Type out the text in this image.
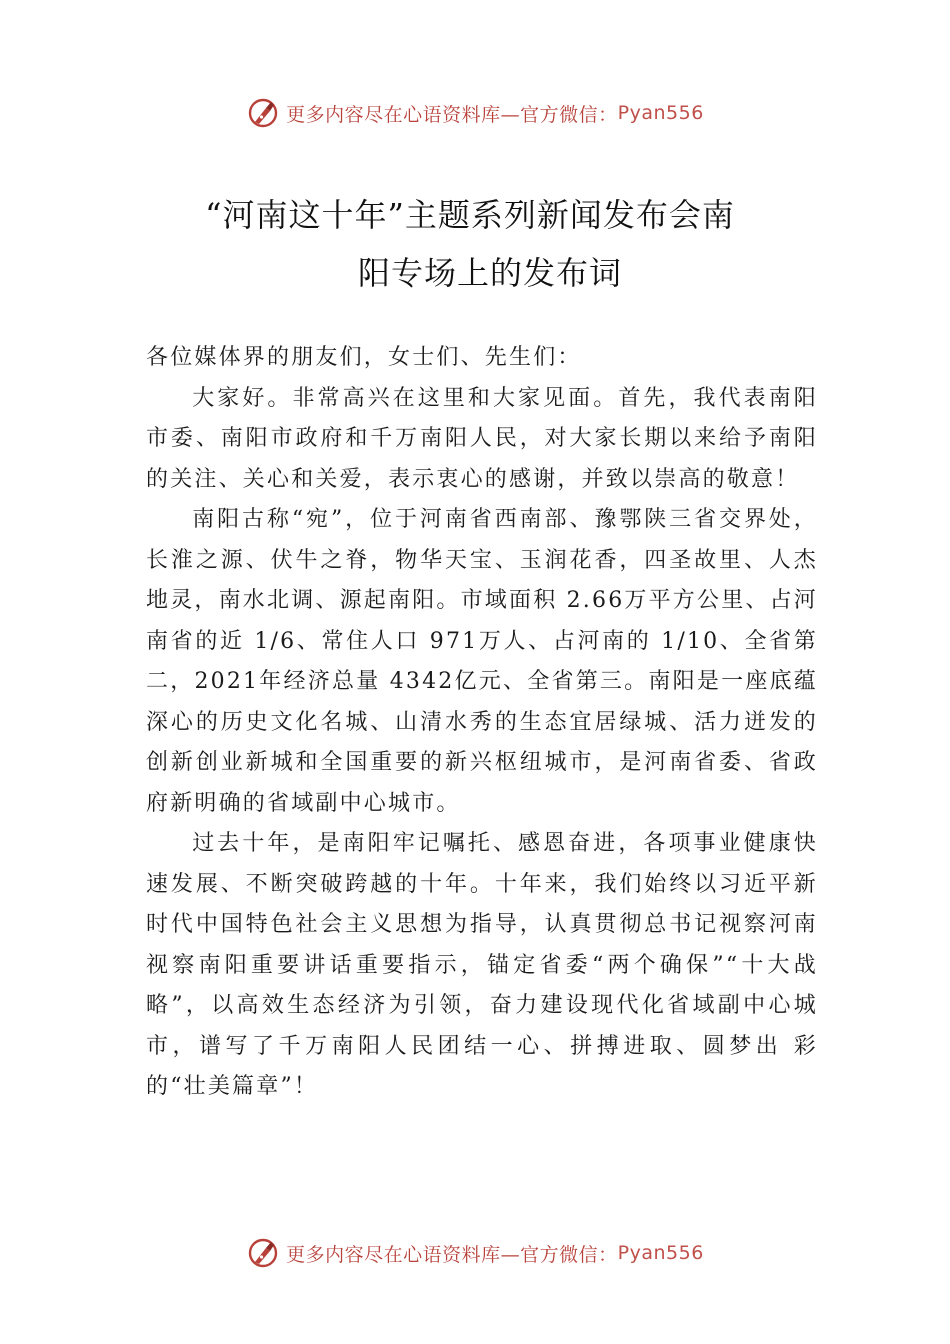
更多内容尽在心语资料库—官方微信： Pyan556
“河南这十年”主题系列新闻发布会南
阳专场上的发布词

各位媒体界的朋友们，女士们、先生们：

大家好。非常高兴在这里和大家见面。首先，我代表南阳市委、南阳市政府和千万南阳人民，对大家长期以来给予南阳的关注、关心和关爱，表示衷心的感谢，并致以崇高的敬意！

南阳古称“宛”，位于河南省西南部、豫鄂陕三省交界处，长淮之源、伏牛之脊，物华天宝、玉润花香，四圣故里、人杰地灵，南水北调、源起南阳。市域面积 2.66万平方公里、占河南省的近 1/6、常住人口 971万人、占河南的 1/10、全省第二，2021年经济总量 4342亿元、全省第三。南阳是一座底蕴深心的历史文化名城、山清水秀的生态宜居绿城、活力迸发的创新创业新城和全国重要的新兴枢纽城市，是河南省委、省政府新明确的省域副中心城市。

过去十年，是南阳牢记嘱托、感恩奋进，各项事业健康快速发展、不断突破跨越的十年。十年来，我们始终以习近平新时代中国特色社会主义思想为指导，认真贯彻总书记视察河南视察南阳重要讲话重要指示，锚定省委“两个确保”“十大战略”，以高效生态经济为引领，奋力建设现代化省域副中心城市，谱写了千万南阳人民团结一心、拼搏进取、圆梦出 彩的“壮美篇章”！

更多内容尽在心语资料库—官方微信： Pyan556
